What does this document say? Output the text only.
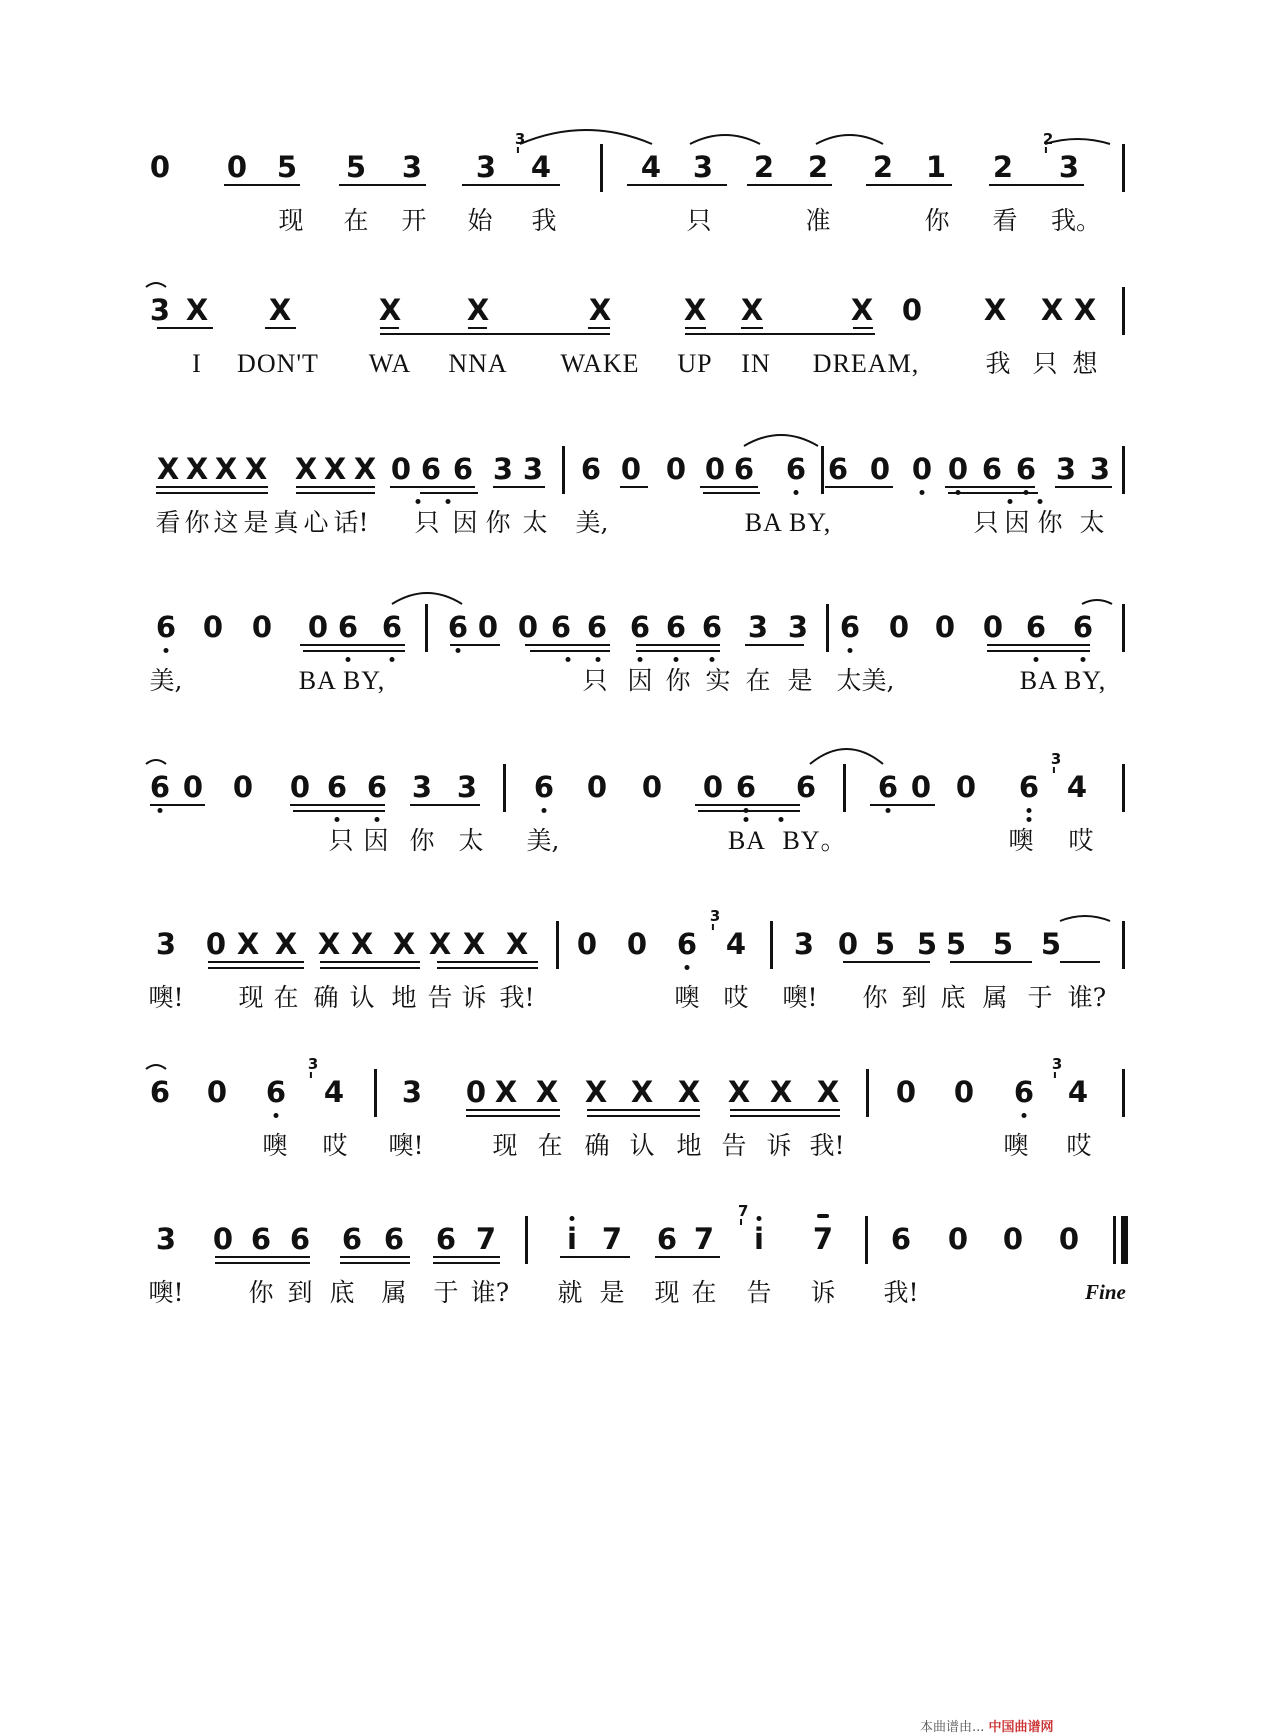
0 0 5 5 3 3 4
3
4 3 2 2 2 1 2 3
2
现 在 开 始 我	只	准	你 看 我。
3 X X	X X	X	X X	X 0 X X X
I DON'T WA NNA WAKE UP IN DREAM,	我 只 想
X X X X X X X 0 6 6 3 3 6 0 0 0 6 6 6 0 0 0 6 6 3 3
看 你 这 是 真 心 话! 只 因 你 太 美,	BA BY,	只 因 你 太
6 0 0 0 6 6 6 0 0 6 6 6 6 6 3 3 6 0 0 0 6 6
美,	BA BY,	只 因 你 实 在 是 太 美,	BA BY,
6 0 0 0 6 6 3 3 6 0 0 0 6 6 6 0 0 6 4
3
只 因 你 太 美,	BA BY。	噢 哎
3 0 X X X X X X X X 0 0 6 4
3
3 0 5 5 5 5 5
噢! 现 在 确 认 地 告 诉 我!	噢 哎 噢! 你 到 底 属 于 谁?
6 0 6 4
3
3 0 X X X X X X X X 0 0 6 4
3
噢 哎 噢!	现 在 确 认 地 告 诉 我!	噢 哎
3 0 6 6 6 6 6 7 i 7 6 7 i
7
7 6 0 0 0
噢!	你 到 底 属 于 谁? 就 是 现 在 告 诉 我!	Fine
本曲谱由... 中国曲谱网
